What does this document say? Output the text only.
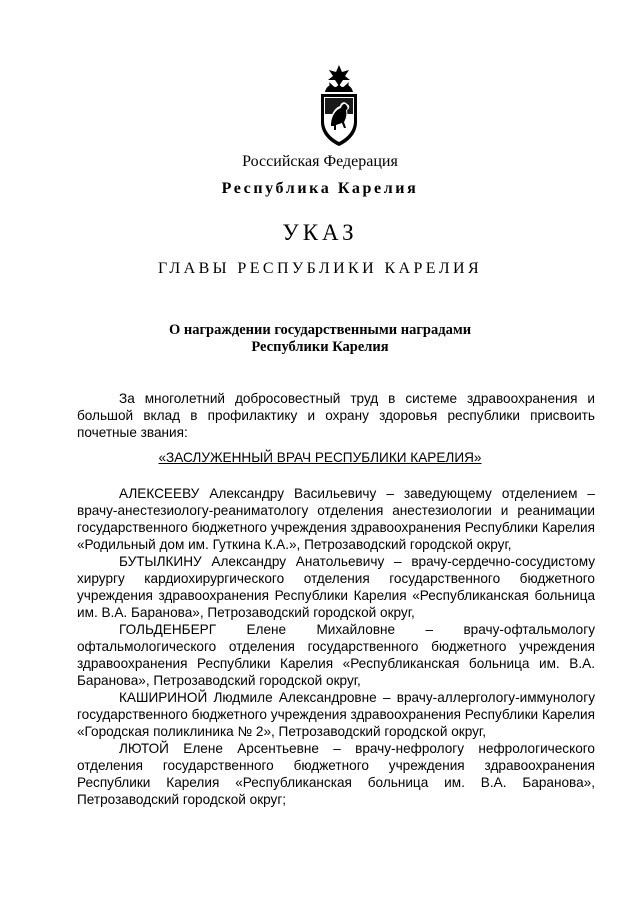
Российская Федерация
Республика Карелия
УКАЗ
ГЛАВЫ РЕСПУБЛИКИ КАРЕЛИЯ
О награждении государственными наградами
Республики Карелия

За многолетний добросовестный труд в системе здравоохранения и большой вклад в профилактику и охрану здоровья республики присвоить почетные звания:

«ЗАСЛУЖЕННЫЙ ВРАЧ РЕСПУБЛИКИ КАРЕЛИЯ»

АЛЕКСЕЕВУ Александру Васильевичу – заведующему отделением – врачу-анестезиологу-реаниматологу отделения анестезиологии и реанимации государственного бюджетного учреждения здравоохранения Республики Карелия «Родильный дом им. Гуткина К.А.», Петрозаводский городской округ,

БУТЫЛКИНУ Александру Анатольевичу – врачу-сердечно-сосудистому хирургу кардиохирургического отделения государственного бюджетного учреждения здравоохранения Республики Карелия «Республиканская больница им. В.А. Баранова», Петрозаводский городской округ,

ГОЛЬДЕНБЕРГ Елене Михайловне – врачу-офтальмологу офтальмологического отделения государственного бюджетного учреждения здравоохранения Республики Карелия «Республиканская больница им. В.А. Баранова», Петрозаводский городской округ,

КАШИРИНОЙ Людмиле Александровне – врачу-аллергологу-иммунологу государственного бюджетного учреждения здравоохранения Республики Карелия «Городская поликлиника № 2», Петрозаводский городской округ,

ЛЮТОЙ Елене Арсентьевне – врачу-нефрологу нефрологического отделения государственного бюджетного учреждения здравоохранения Республики Карелия «Республиканская больница им. В.А. Баранова», Петрозаводский городской округ;
